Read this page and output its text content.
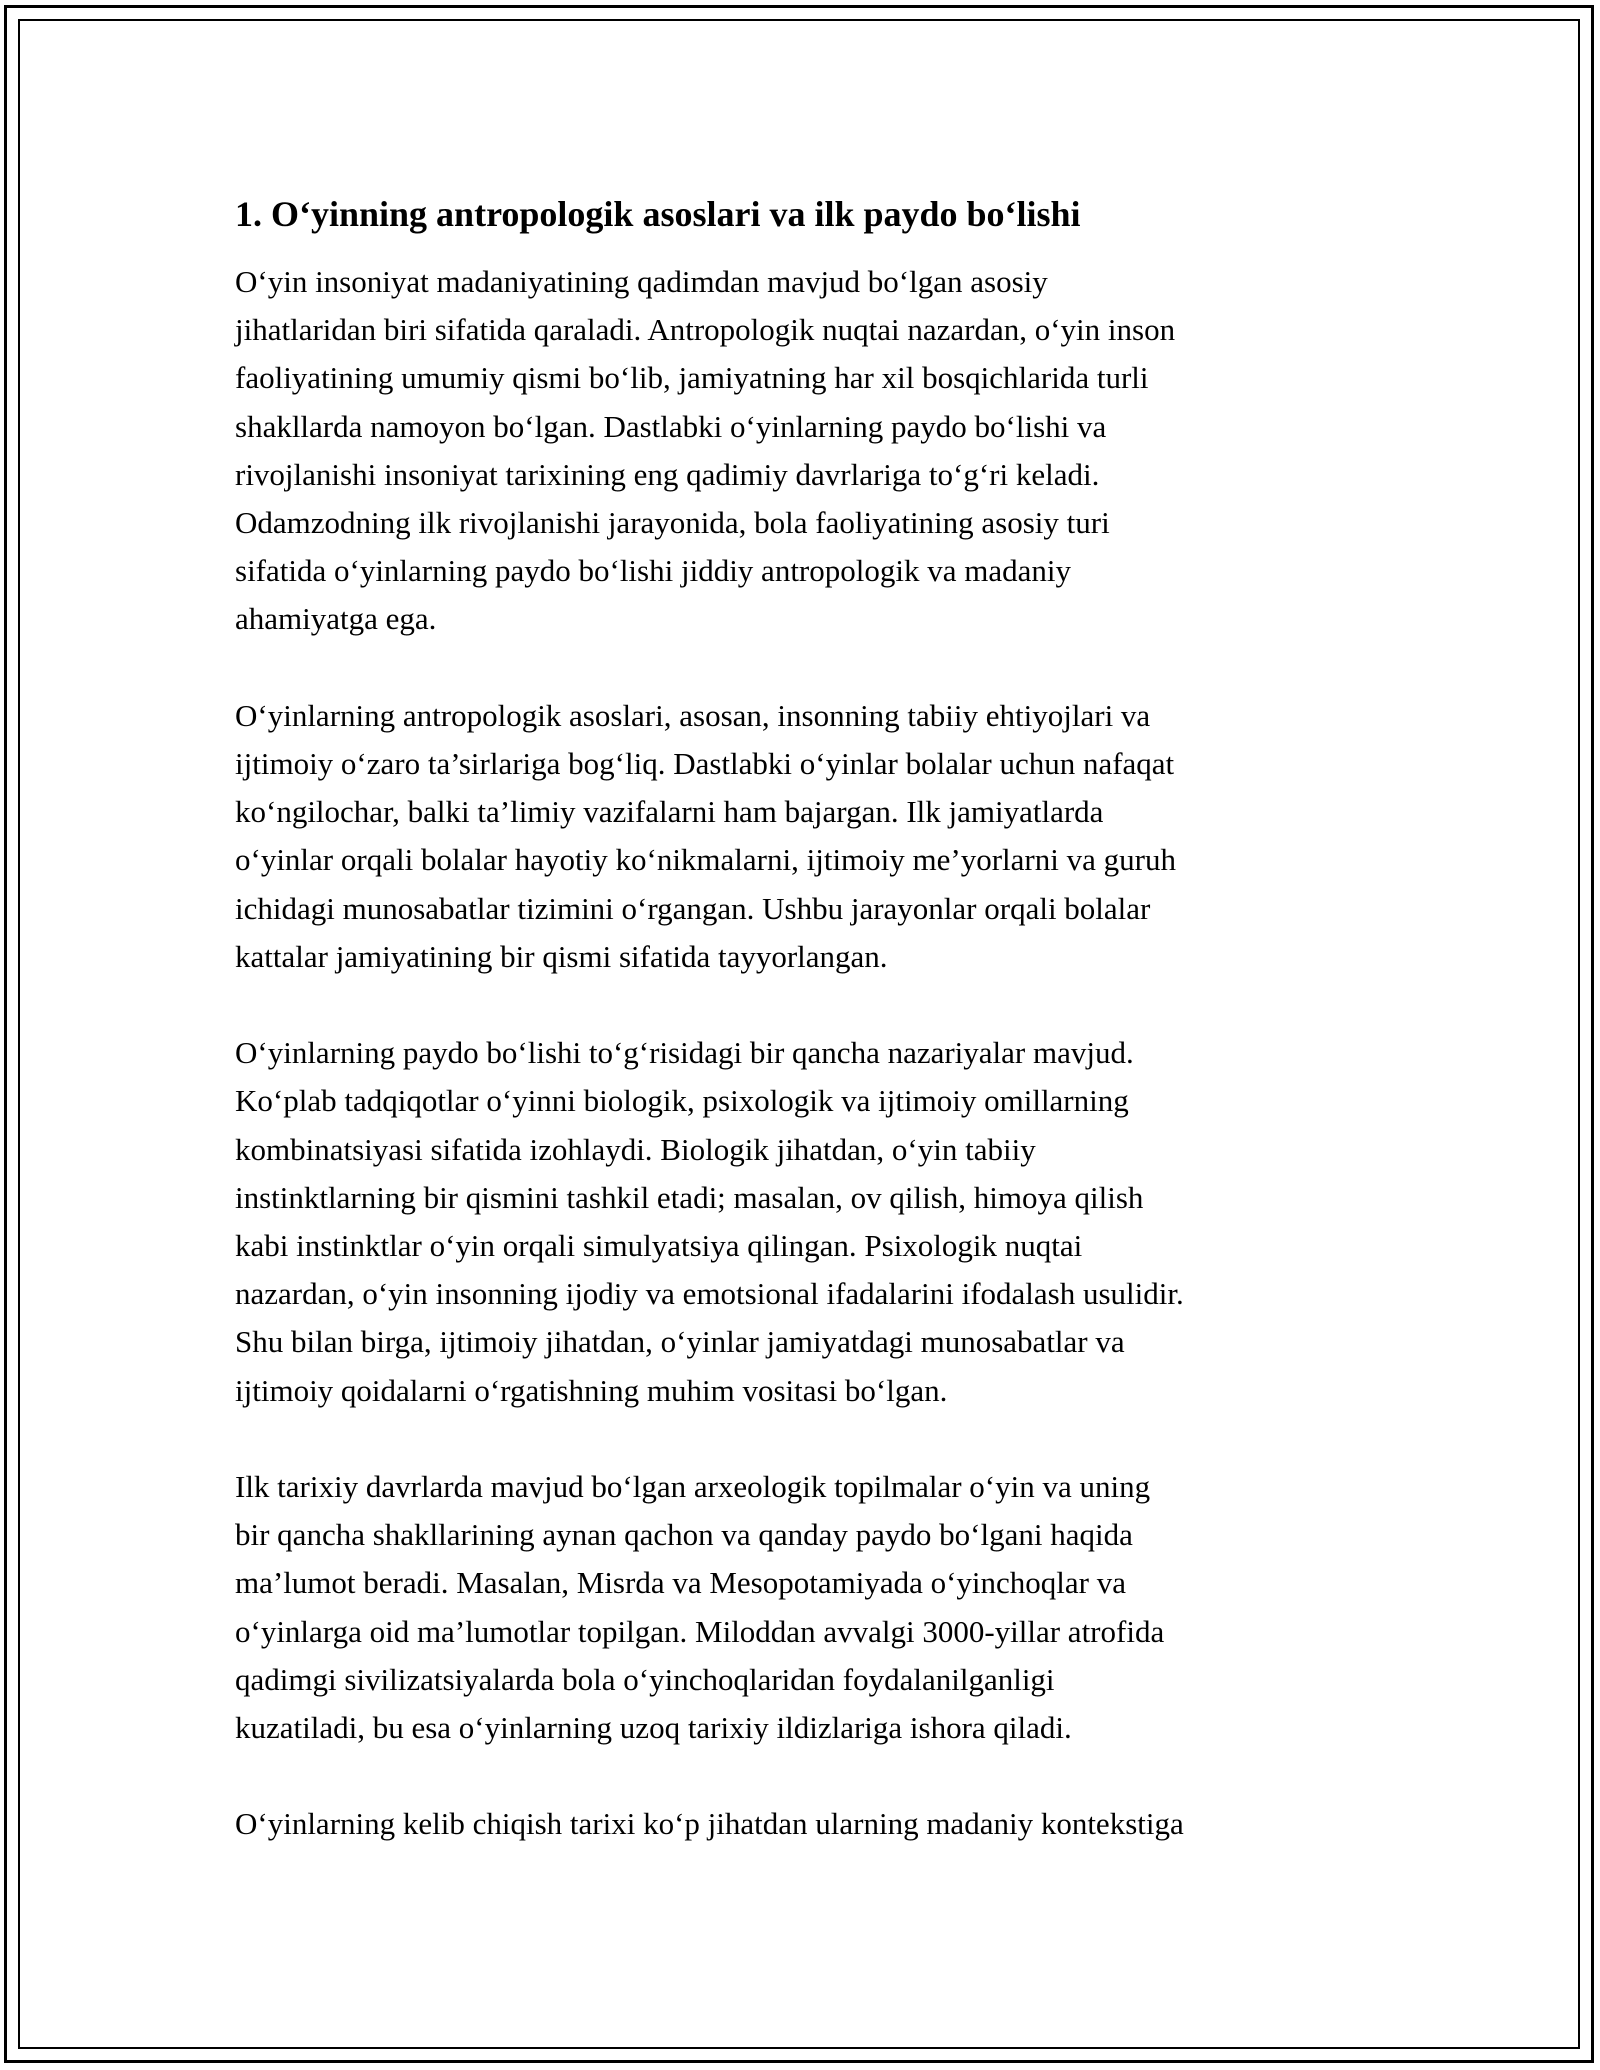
1. O‘yinning antropologik asoslari va ilk paydo bo‘lishi

O‘yin insoniyat madaniyatining qadimdan mavjud bo‘lgan asosiy
jihatlaridan biri sifatida qaraladi. Antropologik nuqtai nazardan, o‘yin inson
faoliyatining umumiy qismi bo‘lib, jamiyatning har xil bosqichlarida turli
shakllarda namoyon bo‘lgan. Dastlabki o‘yinlarning paydo bo‘lishi va
rivojlanishi insoniyat tarixining eng qadimiy davrlariga to‘g‘ri keladi.
Odamzodning ilk rivojlanishi jarayonida, bola faoliyatining asosiy turi
sifatida o‘yinlarning paydo bo‘lishi jiddiy antropologik va madaniy
ahamiyatga ega.

O‘yinlarning antropologik asoslari, asosan, insonning tabiiy ehtiyojlari va
ijtimoiy o‘zaro ta’sirlariga bog‘liq. Dastlabki o‘yinlar bolalar uchun nafaqat
ko‘ngilochar, balki ta’limiy vazifalarni ham bajargan. Ilk jamiyatlarda
o‘yinlar orqali bolalar hayotiy ko‘nikmalarni, ijtimoiy me’yorlarni va guruh
ichidagi munosabatlar tizimini o‘rgangan. Ushbu jarayonlar orqali bolalar
kattalar jamiyatining bir qismi sifatida tayyorlangan.

O‘yinlarning paydo bo‘lishi to‘g‘risidagi bir qancha nazariyalar mavjud.
Ko‘plab tadqiqotlar o‘yinni biologik, psixologik va ijtimoiy omillarning
kombinatsiyasi sifatida izohlaydi. Biologik jihatdan, o‘yin tabiiy
instinktlarning bir qismini tashkil etadi; masalan, ov qilish, himoya qilish
kabi instinktlar o‘yin orqali simulyatsiya qilingan. Psixologik nuqtai
nazardan, o‘yin insonning ijodiy va emotsional ifadalarini ifodalash usulidir.
Shu bilan birga, ijtimoiy jihatdan, o‘yinlar jamiyatdagi munosabatlar va
ijtimoiy qoidalarni o‘rgatishning muhim vositasi bo‘lgan.

Ilk tarixiy davrlarda mavjud bo‘lgan arxeologik topilmalar o‘yin va uning
bir qancha shakllarining aynan qachon va qanday paydo bo‘lgani haqida
ma’lumot beradi. Masalan, Misrda va Mesopotamiyada o‘yinchoqlar va
o‘yinlarga oid ma’lumotlar topilgan. Miloddan avvalgi 3000-yillar atrofida
qadimgi sivilizatsiyalarda bola o‘yinchoqlaridan foydalanilganligi
kuzatiladi, bu esa o‘yinlarning uzoq tarixiy ildizlariga ishora qiladi.

O‘yinlarning kelib chiqish tarixi ko‘p jihatdan ularning madaniy kontekstiga
